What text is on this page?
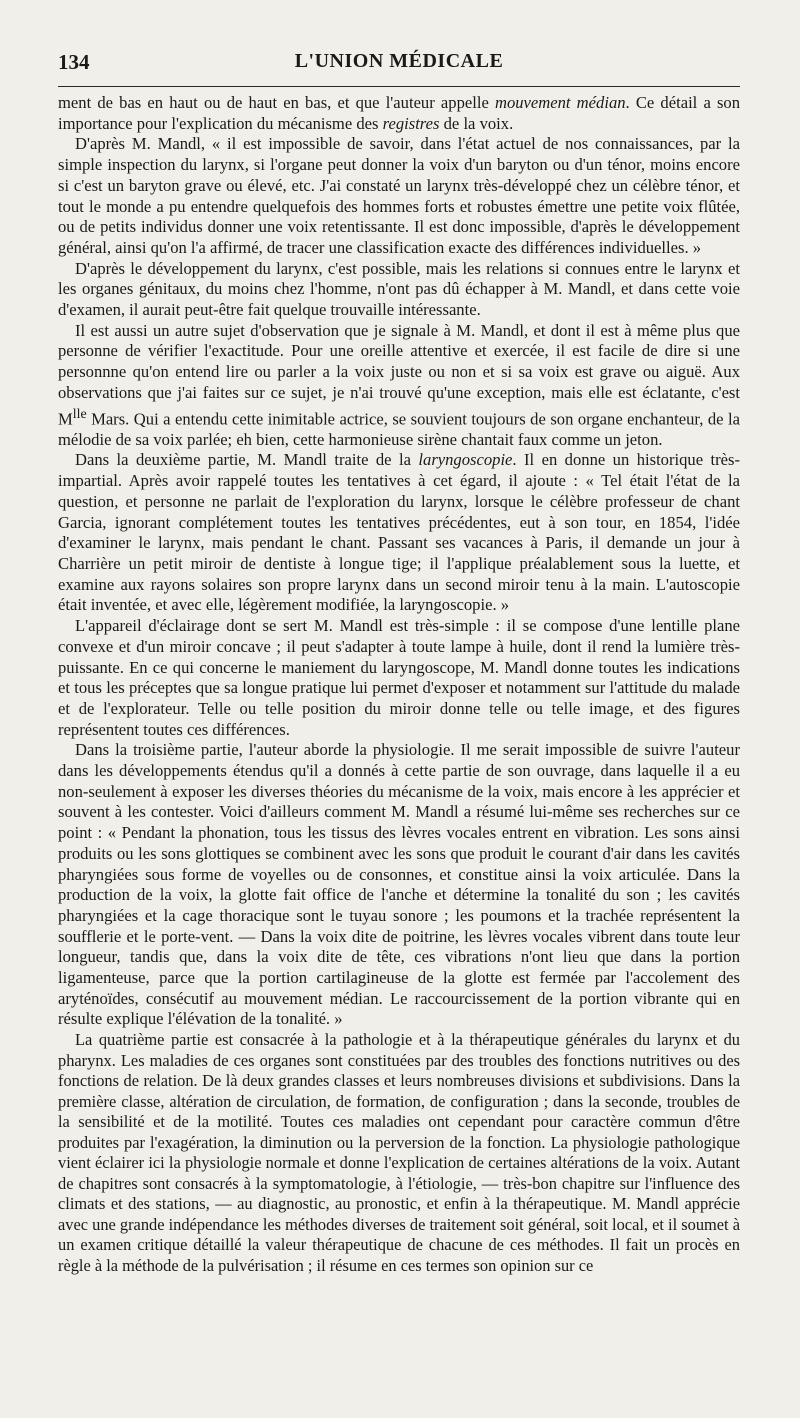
134	L'UNION MÉDICALE

ment de bas en haut ou de haut en bas, et que l'auteur appelle mouvement médian. Ce détail a son importance pour l'explication du mécanisme des registres de la voix.

D'après M. Mandl, « il est impossible de savoir, dans l'état actuel de nos connaissances, par la simple inspection du larynx, si l'organe peut donner la voix d'un baryton ou d'un ténor, moins encore si c'est un baryton grave ou élevé, etc. J'ai constaté un larynx très-développé chez un célèbre ténor, et tout le monde a pu entendre quelquefois des hommes forts et robustes émettre une petite voix flûtée, ou de petits individus donner une voix retentissante. Il est donc impossible, d'après le développement général, ainsi qu'on l'a affirmé, de tracer une classification exacte des différences individuelles. »

D'après le développement du larynx, c'est possible, mais les relations si connues entre le larynx et les organes génitaux, du moins chez l'homme, n'ont pas dû échapper à M. Mandl, et dans cette voie d'examen, il aurait peut-être fait quelque trouvaille intéressante.

Il est aussi un autre sujet d'observation que je signale à M. Mandl, et dont il est à même plus que personne de vérifier l'exactitude. Pour une oreille attentive et exercée, il est facile de dire si une personnne qu'on entend lire ou parler a la voix juste ou non et si sa voix est grave ou aiguë. Aux observations que j'ai faites sur ce sujet, je n'ai trouvé qu'une exception, mais elle est éclatante, c'est $M^{lle}$ Mars. Qui a entendu cette inimitable actrice, se souvient toujours de son organe enchanteur, de la mélodie de sa voix parlée; eh bien, cette harmonieuse sirène chantait faux comme un jeton.

Dans la deuxième partie, M. Mandl traite de la laryngoscopie. Il en donne un historique très-impartial. Après avoir rappelé toutes les tentatives à cet égard, il ajoute : « Tel était l'état de la question, et personne ne parlait de l'exploration du larynx, lorsque le célèbre professeur de chant Garcia, ignorant complétement toutes les tentatives précédentes, eut à son tour, en 1854, l'idée d'examiner le larynx, mais pendant le chant. Passant ses vacances à Paris, il demande un jour à Charrière un petit miroir de dentiste à longue tige; il l'applique préalablement sous la luette, et examine aux rayons solaires son propre larynx dans un second miroir tenu à la main. L'autoscopie était inventée, et avec elle, légèrement modifiée, la laryngoscopie. »

L'appareil d'éclairage dont se sert M. Mandl est très-simple : il se compose d'une lentille plane convexe et d'un miroir concave ; il peut s'adapter à toute lampe à huile, dont il rend la lumière très-puissante. En ce qui concerne le maniement du laryngoscope, M. Mandl donne toutes les indications et tous les préceptes que sa longue pratique lui permet d'exposer et notamment sur l'attitude du malade et de l'explorateur. Telle ou telle position du miroir donne telle ou telle image, et des figures représentent toutes ces différences.

Dans la troisième partie, l'auteur aborde la physiologie. Il me serait impossible de suivre l'auteur dans les développements étendus qu'il a donnés à cette partie de son ouvrage, dans laquelle il a eu non-seulement à exposer les diverses théories du mécanisme de la voix, mais encore à les apprécier et souvent à les contester. Voici d'ailleurs comment M. Mandl a résumé lui-même ses recherches sur ce point : « Pendant la phonation, tous les tissus des lèvres vocales entrent en vibration. Les sons ainsi produits ou les sons glottiques se combinent avec les sons que produit le courant d'air dans les cavités pharyngiées sous forme de voyelles ou de consonnes, et constitue ainsi la voix articulée. Dans la production de la voix, la glotte fait office de l'anche et détermine la tonalité du son ; les cavités pharyngiées et la cage thoracique sont le tuyau sonore ; les poumons et la trachée représentent la soufflerie et le porte-vent. — Dans la voix dite de poitrine, les lèvres vocales vibrent dans toute leur longueur, tandis que, dans la voix dite de tête, ces vibrations n'ont lieu que dans la portion ligamenteuse, parce que la portion cartilagineuse de la glotte est fermée par l'accolement des aryténoïdes, consécutif au mouvement médian. Le raccourcissement de la portion vibrante qui en résulte explique l'élévation de la tonalité. »

La quatrième partie est consacrée à la pathologie et à la thérapeutique générales du larynx et du pharynx. Les maladies de ces organes sont constituées par des troubles des fonctions nutritives ou des fonctions de relation. De là deux grandes classes et leurs nombreuses divisions et subdivisions. Dans la première classe, altération de circulation, de formation, de configuration ; dans la seconde, troubles de la sensibilité et de la motilité. Toutes ces maladies ont cependant pour caractère commun d'être produites par l'exagération, la diminution ou la perversion de la fonction. La physiologie pathologique vient éclairer ici la physiologie normale et donne l'explication de certaines altérations de la voix. Autant de chapitres sont consacrés à la symptomatologie, à l'étiologie, — très-bon chapitre sur l'influence des climats et des stations, — au diagnostic, au pronostic, et enfin à la thérapeutique. M. Mandl apprécie avec une grande indépendance les méthodes diverses de traitement soit général, soit local, et il soumet à un examen critique détaillé la valeur thérapeutique de chacune de ces méthodes. Il fait un procès en règle à la méthode de la pulvérisation ; il résume en ces termes son opinion sur ce
